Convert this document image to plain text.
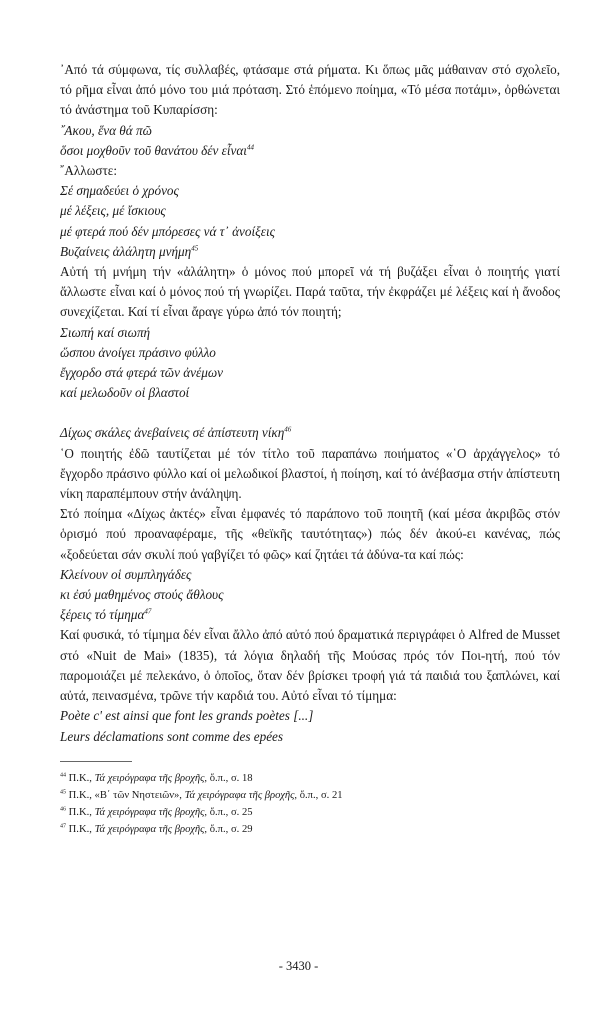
᾿Από τά σύμφωνα, τίς συλλαβές, φτάσαμε στά ρήματα. Κι ὅπως μᾶς μάθαιναν στό σχολεῖο, τό ρῆμα εἶναι ἀπό μόνο του μιά πρόταση. Στό ἑπόμενο ποίημα, «Τό μέσα ποτάμι», ὀρθώνεται τό ἀνάστημα τοῦ Κυπαρίσση:

῎Ακου, ἕνα θά πῶ

ὅσοι μοχθοῦν τοῦ θανάτου δέν εἶναι$^{44}$

῎Αλλωστε:

Σέ σημαδεύει ὁ χρόνος

μέ λέξεις, μέ ἴσκιους

μέ φτερά πού δέν μπόρεσες νά τ᾿ ἀνοίξεις

Βυζαίνεις ἀλάλητη μνήμη$^{45}$

Αὐτή τή μνήμη τήν «ἀλάλητη» ὁ μόνος πού μπορεῖ νά τή βυζάξει εἶναι ὁ ποιητής γιατί ἄλλωστε εἶναι καί ὁ μόνος πού τή γνωρίζει. Παρά ταῦτα, τήν ἐκφράζει μέ λέξεις καί ἡ ἄνοδος συνεχίζεται. Καί τί εἶναι ἄραγε γύρω ἀπό τόν ποιητή;

Σιωπή καί σιωπή

ὥσπου ἀνοίγει πράσινο φύλλο

ἔγχορδο στά φτερά τῶν ἀνέμων

καί μελωδοῦν οἱ βλαστοί

Δίχως σκάλες ἀνεβαίνεις σέ ἀπίστευτη νίκη$^{46}$

῾Ο ποιητής ἐδῶ ταυτίζεται μέ τόν τίτλο τοῦ παραπάνω ποιήματος «῾Ο ἀρχάγγελος» τό ἔγχορδο πράσινο φύλλο καί οἱ μελωδικοί βλαστοί, ἡ ποίηση, καί τό ἀνέβασμα στήν ἀπίστευτη νίκη παραπέμπουν στήν ἀνάληψη.

Στό ποίημα «Δίχως ἀκτές» εἶναι ἐμφανές τό παράπονο τοῦ ποιητῆ (καί μέσα ἀκριβῶς στόν ὁρισμό πού προαναφέραμε, τῆς «θεϊκῆς ταυτότητας») πώς δέν ἀκού-ει κανένας, πώς «ξοδεύεται σάν σκυλί πού γαβγίζει τό φῶς» καί ζητάει τά ἀδύνα-τα καί πώς:

Κλείνουν οἱ συμπληγάδες

κι ἐσύ μαθημένος στούς ἄθλους

ξέρεις τό τίμημα$^{47}$

Καί φυσικά, τό τίμημα δέν εἶναι ἄλλο ἀπό αὐτό πού δραματικά περιγράφει ὁ Alfred de Musset στό «Nuit de Mai» (1835), τά λόγια δηλαδή τῆς Μούσας πρός τόν Ποι-ητή, πού τόν παρομοιάζει μέ πελεκάνο, ὁ ὁποῖος, ὅταν δέν βρίσκει τροφή γιά τά παιδιά του ξαπλώνει, καί αὐτά, πεινασμένα, τρῶνε τήν καρδιά του. Αὐτό εἶναι τό τίμημα:

Poète c' est ainsi que font les grands poètes [...]

Leurs déclamations sont comme des epées

$^{44}$ Π.Κ., Τά χειρόγραφα τῆς βροχῆς, ὅ.π., σ. 18

$^{45}$ Π.Κ., «Β΄ τῶν Νηστειῶν», Τά χειρόγραφα τῆς βροχῆς, ὅ.π., σ. 21

$^{46}$ Π.Κ., Τά χειρόγραφα τῆς βροχῆς, ὅ.π., σ. 25

$^{47}$ Π.Κ., Τά χειρόγραφα τῆς βροχῆς, ὅ.π., σ. 29

- 3430 -
